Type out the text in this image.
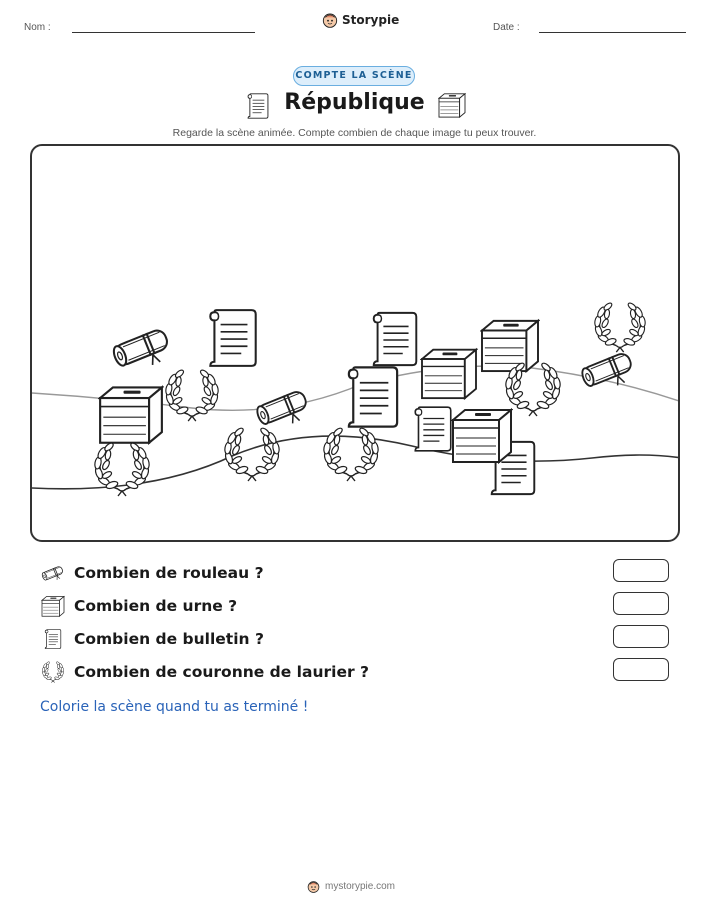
Nom :
Storypie
Date :
COMPTE LA SCÈNE
République
Regarde la scène animée. Compte combien de chaque image tu peux trouver.
Combien de rouleau ?
Combien de urne ?
Combien de bulletin ?
Combien de couronne de laurier ?
Colorie la scène quand tu as terminé !
mystorypie.com
